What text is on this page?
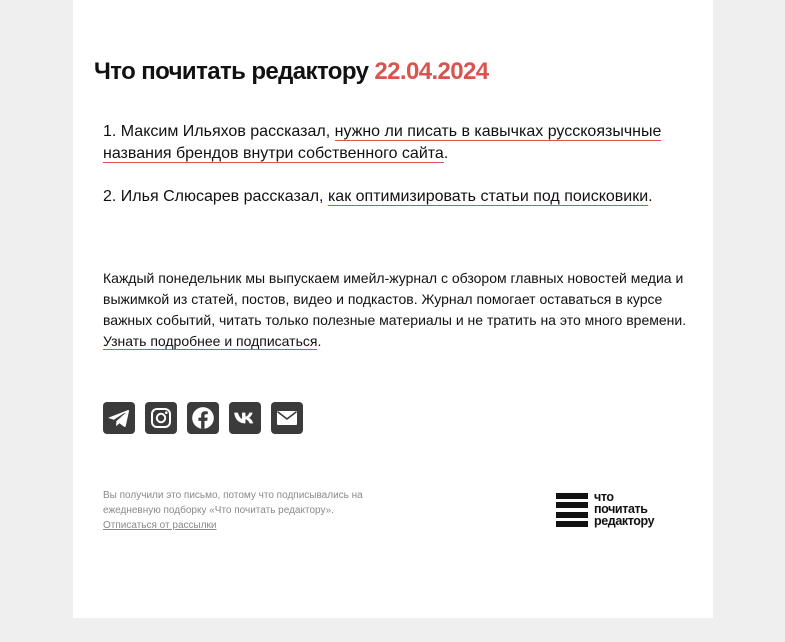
Что почитать редактору 22.04.2024
1. Максим Ильяхов рассказал, нужно ли писать в кавычках русскоязычные названия брендов внутри собственного сайта.
2. Илья Слюсарев рассказал, как оптимизировать статьи под поисковики.

Каждый понедельник мы выпускаем имейл-журнал с обзором главных новостей медиа и выжимкой из статей, постов, видео и подкастов. Журнал помогает оставаться в курсе важных событий, читать только полезные материалы и не тратить на это много времени. Узнать подробнее и подписаться.

Вы получили это письмо, потому что подписывались на ежедневную подборку «Что почитать редактору».
Отписаться от рассылки

что
почитать
редактору
